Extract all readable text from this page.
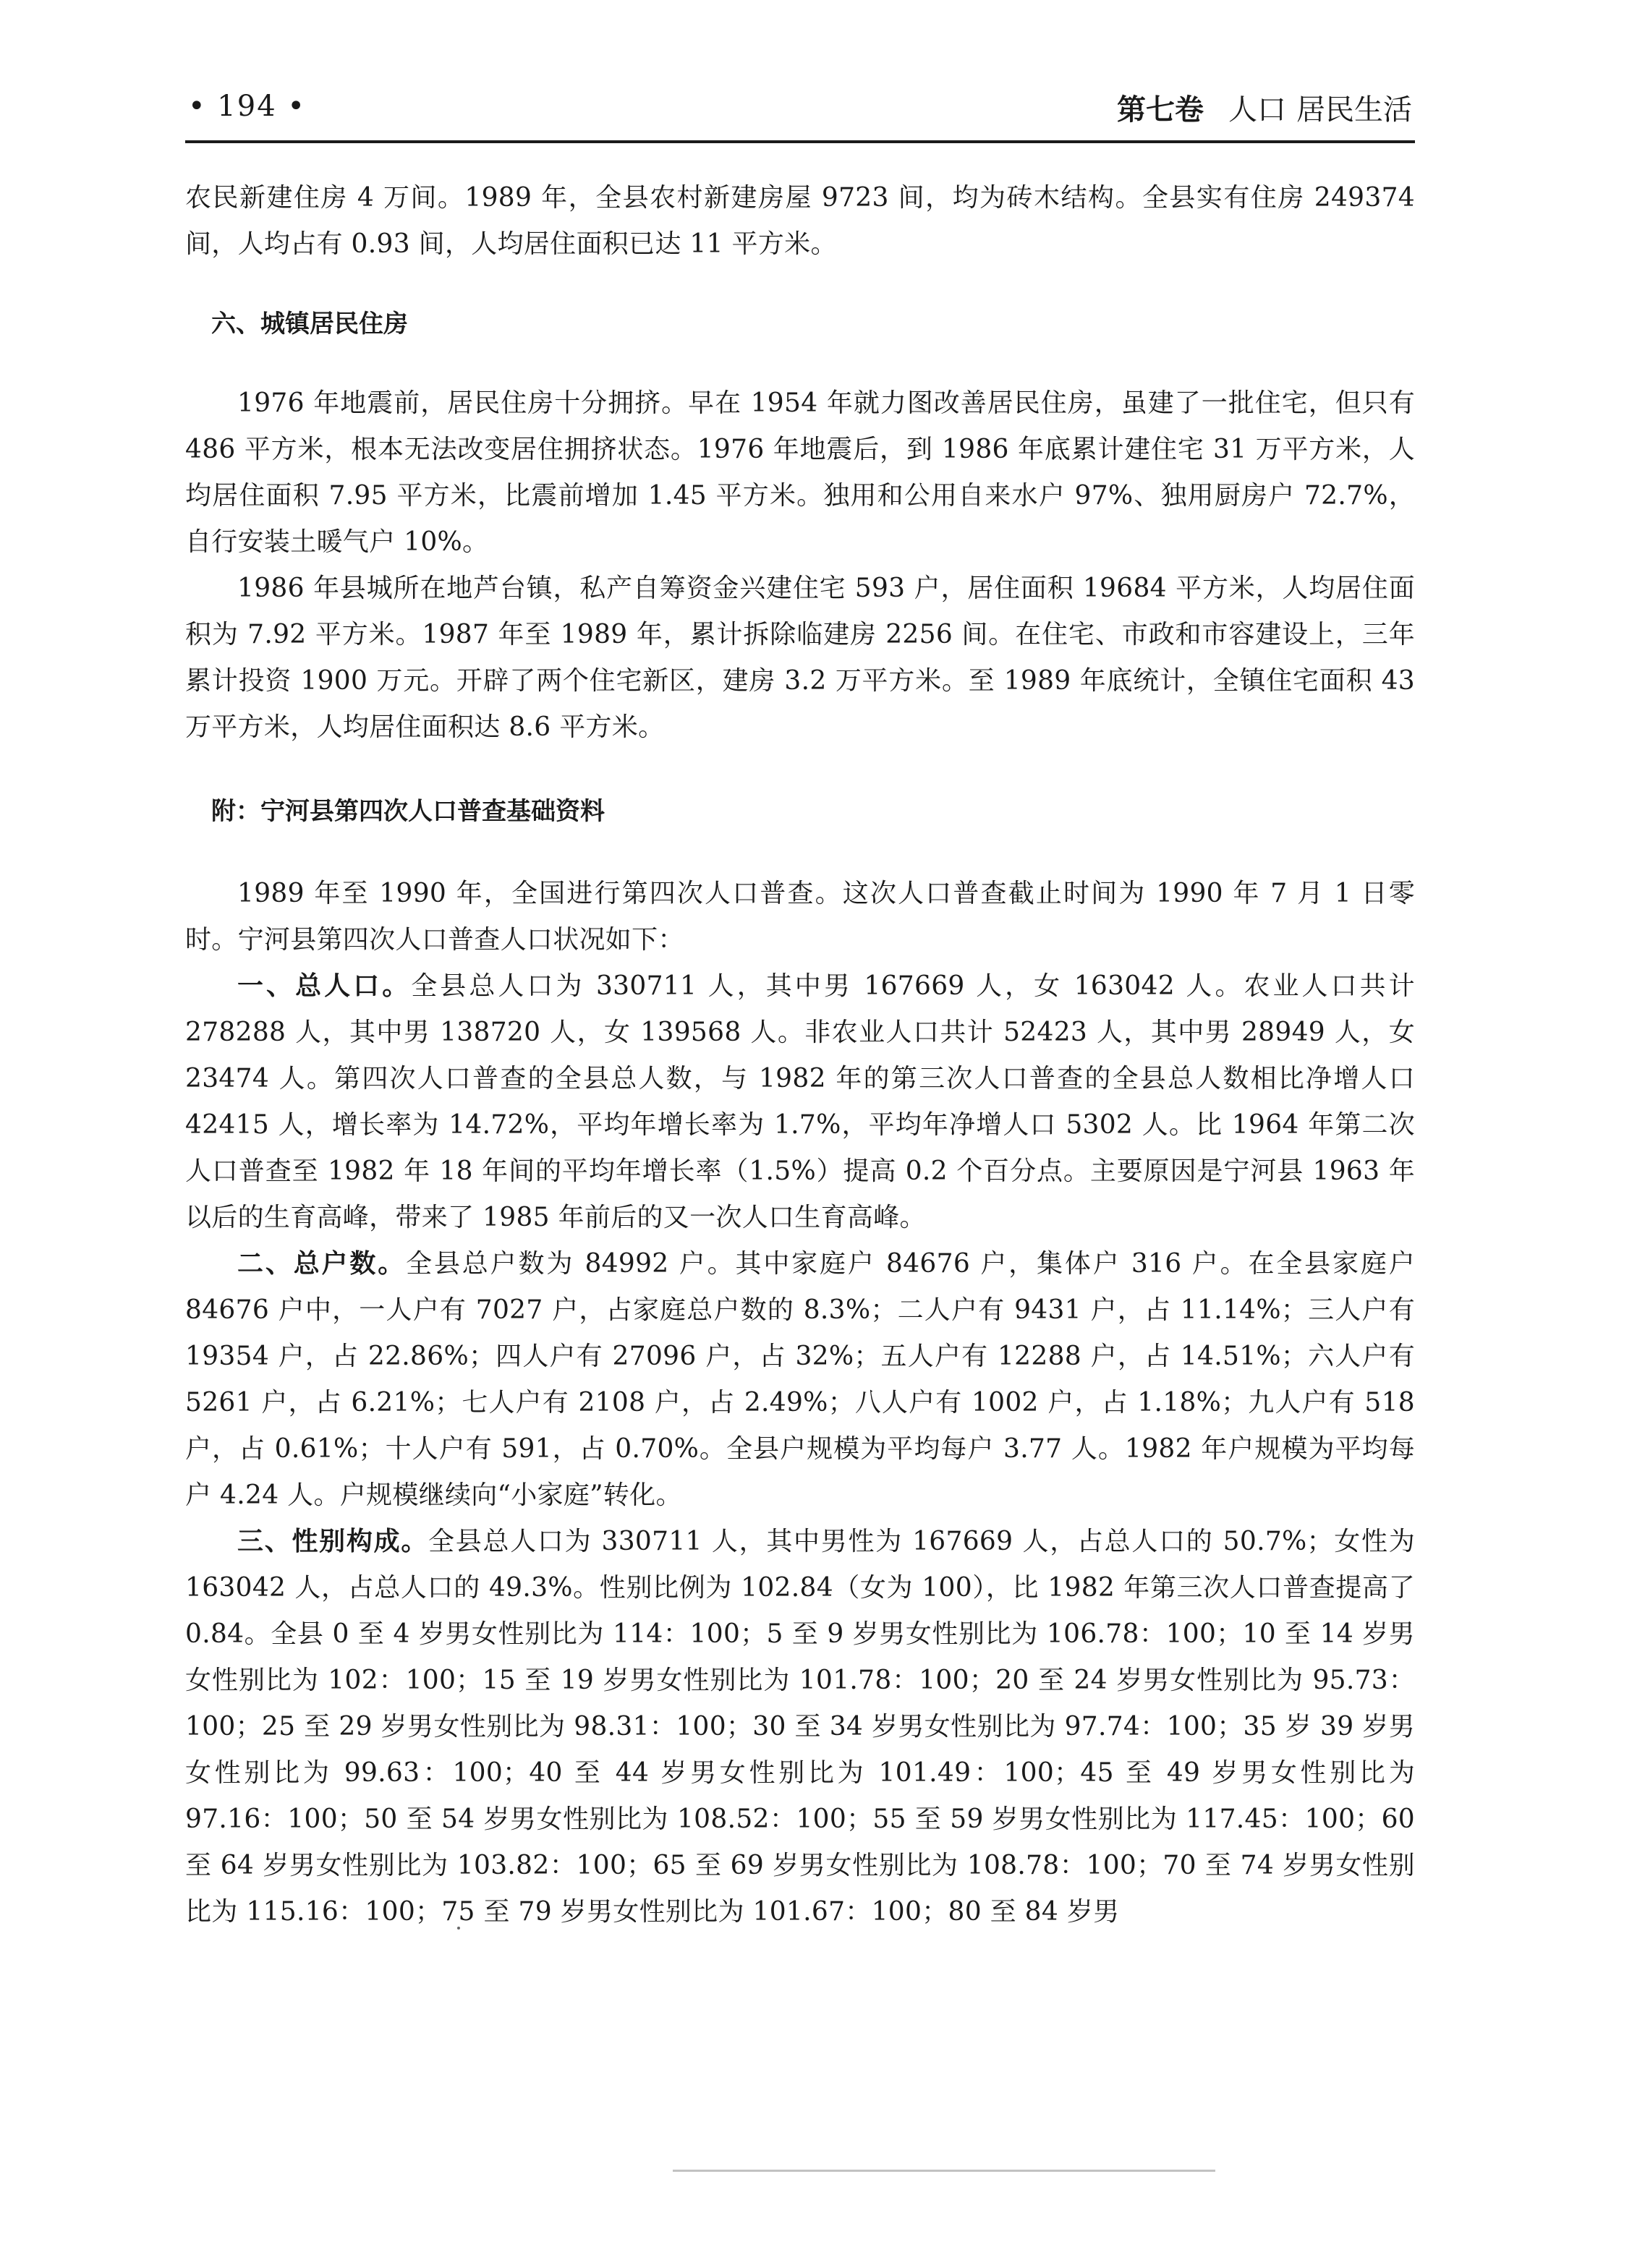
• 194 •	第七卷 人口 居民生活

农民新建住房 4 万间。1989 年，全县农村新建房屋 9723 间，均为砖木结构。全县实有住房 249374 间，人均占有 0.93 间，人均居住面积已达 11 平方米。

六、城镇居民住房

1976 年地震前，居民住房十分拥挤。早在 1954 年就力图改善居民住房，虽建了一批住宅，但只有 486 平方米，根本无法改变居住拥挤状态。1976 年地震后，到 1986 年底累计建住宅 31 万平方米，人均居住面积 7.95 平方米，比震前增加 1.45 平方米。独用和公用自来水户 97%、独用厨房户 72.7%，自行安装土暖气户 10%。

1986 年县城所在地芦台镇，私产自筹资金兴建住宅 593 户，居住面积 19684 平方米，人均居住面积为 7.92 平方米。1987 年至 1989 年，累计拆除临建房 2256 间。在住宅、市政和市容建设上，三年累计投资 1900 万元。开辟了两个住宅新区，建房 3.2 万平方米。至 1989 年底统计，全镇住宅面积 43 万平方米，人均居住面积达 8.6 平方米。

附：宁河县第四次人口普查基础资料

1989 年至 1990 年，全国进行第四次人口普查。这次人口普查截止时间为 1990 年 7 月 1 日零时。宁河县第四次人口普查人口状况如下：

一、总人口。全县总人口为 330711 人，其中男 167669 人，女 163042 人。农业人口共计 278288 人，其中男 138720 人，女 139568 人。非农业人口共计 52423 人，其中男 28949 人，女 23474 人。第四次人口普查的全县总人数，与 1982 年的第三次人口普查的全县总人数相比净增人口 42415 人，增长率为 14.72%，平均年增长率为 1.7%，平均年净增人口 5302 人。比 1964 年第二次人口普查至 1982 年 18 年间的平均年增长率（1.5%）提高 0.2 个百分点。主要原因是宁河县 1963 年以后的生育高峰，带来了 1985 年前后的又一次人口生育高峰。

二、总户数。全县总户数为 84992 户。其中家庭户 84676 户，集体户 316 户。在全县家庭户 84676 户中，一人户有 7027 户，占家庭总户数的 8.3%；二人户有 9431 户，占 11.14%；三人户有 19354 户，占 22.86%；四人户有 27096 户，占 32%；五人户有 12288 户，占 14.51%；六人户有 5261 户，占 6.21%；七人户有 2108 户，占 2.49%；八人户有 1002 户，占 1.18%；九人户有 518 户，占 0.61%；十人户有 591，占 0.70%。全县户规模为平均每户 3.77 人。1982 年户规模为平均每户 4.24 人。户规模继续向“小家庭”转化。

三、性别构成。全县总人口为 330711 人，其中男性为 167669 人，占总人口的 50.7%；女性为 163042 人，占总人口的 49.3%。性别比例为 102.84（女为 100），比 1982 年第三次人口普查提高了 0.84。全县 0 至 4 岁男女性别比为 114：100；5 至 9 岁男女性别比为 106.78：100；10 至 14 岁男女性别比为 102：100；15 至 19 岁男女性别比为 101.78：100；20 至 24 岁男女性别比为 95.73：100；25 至 29 岁男女性别比为 98.31：100；30 至 34 岁男女性别比为 97.74：100；35 岁 39 岁男女性别比为 99.63：100；40 至 44 岁男女性别比为 101.49：100；45 至 49 岁男女性别比为 97.16：100；50 至 54 岁男女性别比为 108.52：100；55 至 59 岁男女性别比为 117.45：100；60 至 64 岁男女性别比为 103.82：100；65 至 69 岁男女性别比为 108.78：100；70 至 74 岁男女性别比为 115.16：100；75 至 79 岁男女性别比为 101.67：100；80 至 84 岁男
